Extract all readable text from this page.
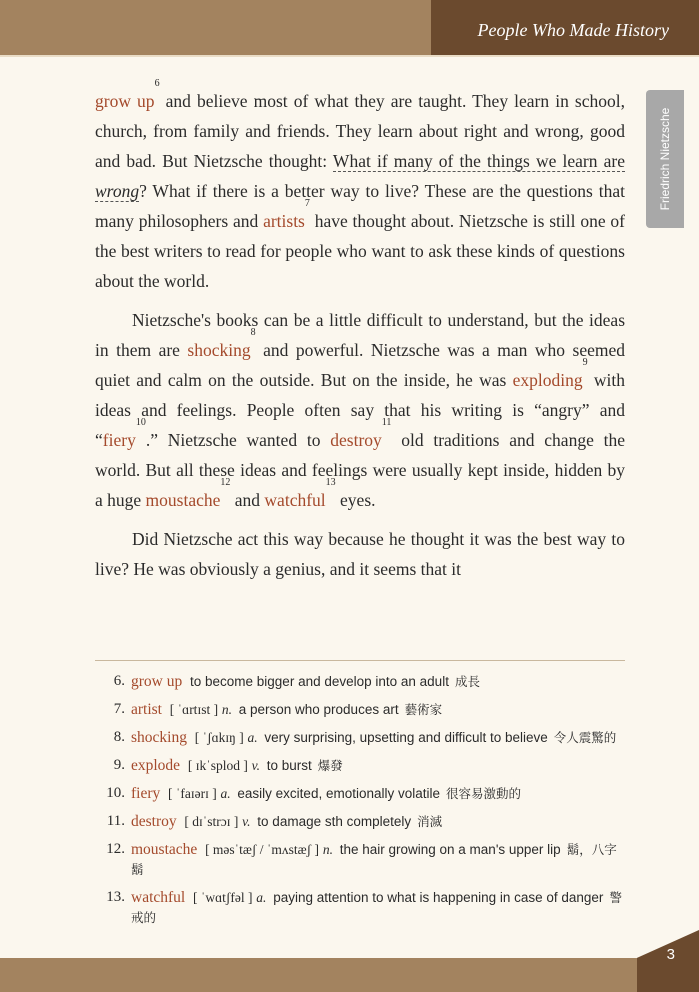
People Who Made History
Friedrich Nietzsche

grow $up^6$ and believe most of what they are taught. They learn in school, church, from family and friends. They learn about right and wrong, good and bad. But Nietzsche thought: What if many of the things we learn are wrong? What if there is a better way to live? These are the questions that many philosophers and artists$^7$ have thought about. Nietzsche is still one of the best writers to read for people who want to ask these kinds of questions about the world.

Nietzsche's books can be a little difficult to understand, but the ideas in them are shocking$^8$ and powerful. Nietzsche was a man who seemed quiet and calm on the outside. But on the inside, he was exploding$^9$ with ideas and feelings. People often say that his writing is “angry” and “fiery$^{10}$.” Nietzsche wanted to destroy$^{11}$ old traditions and change the world. But all these ideas and feelings were usually kept inside, hidden by a huge moustache$^{12}$ and watchful$^{13}$ eyes.

Did Nietzsche act this way because he thought it was the best way to live? He was obviously a genius, and it seems that it

6. grow up to become bigger and develop into an adult 成長
7. artist [ ˈɑrtɪst ] n. a person who produces art 藝術家
8. shocking [ ˈʃɑkɪŋ ] a. very surprising, upsetting and difficult to believe 令人震驚的
9. explode [ ɪkˈsplod ] v. to burst 爆發
10. fiery [ ˈfaɪərɪ ] a. easily excited, emotionally volatile 很容易激動的
11. destroy [ dɪˈstrɔɪ ] v. to damage sth completely 消滅
12. moustache [ məsˈtæʃ / ˈmʌstæʃ ] n. the hair growing on a man's upper lip 鬍，八字鬍
13. watchful [ ˈwɑtʃfəl ] a. paying attention to what is happening in case of danger 警戒的
3
